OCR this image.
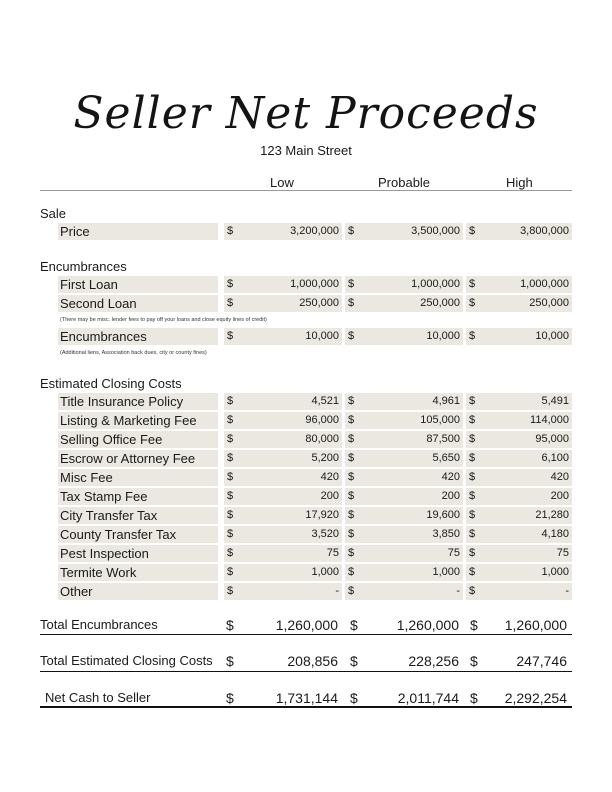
Seller Net Proceeds
123 Main Street
Low	Probable	High
Sale
Price	$	3,200,000 $	3,500,000 $	3,800,000
Encumbrances
First Loan	$	1,000,000 $	1,000,000 $	1,000,000
Second Loan	$	250,000 $	250,000 $	250,000
Encumbrances	$	10,000 $	10,000 $	10,000
(There may be misc. lender fees to pay off your loans and close equity lines of credit)
(Additional liens, Association back dues, city or county fines)
Estimated Closing Costs
Title Insurance Policy	$	4,521 $	4,961 $	5,491
Listing & Marketing Fee	$	96,000 $	105,000 $	114,000
Selling Office Fee	$	80,000 $	87,500 $	95,000
Escrow or Attorney Fee	$	5,200 $	5,650 $	6,100
Misc Fee	$	420 $	420 $	420
Tax Stamp Fee	$	200 $	200 $	200
City Transfer Tax	$	17,920 $	19,600 $	21,280
County Transfer Tax	$	3,520 $	3,850 $	4,180
Pest Inspection	$	75 $	75 $	75
Termite Work	$	1,000 $	1,000 $	1,000
Other	$	- $	- $	-
Total Encumbrances	$	1,260,000 $	1,260,000 $	1,260,000
Total Estimated Closing Costs $	208,856 $	228,256 $	247,746
Net Cash to Seller	$	1,731,144 $	2,011,744 $	2,292,254
